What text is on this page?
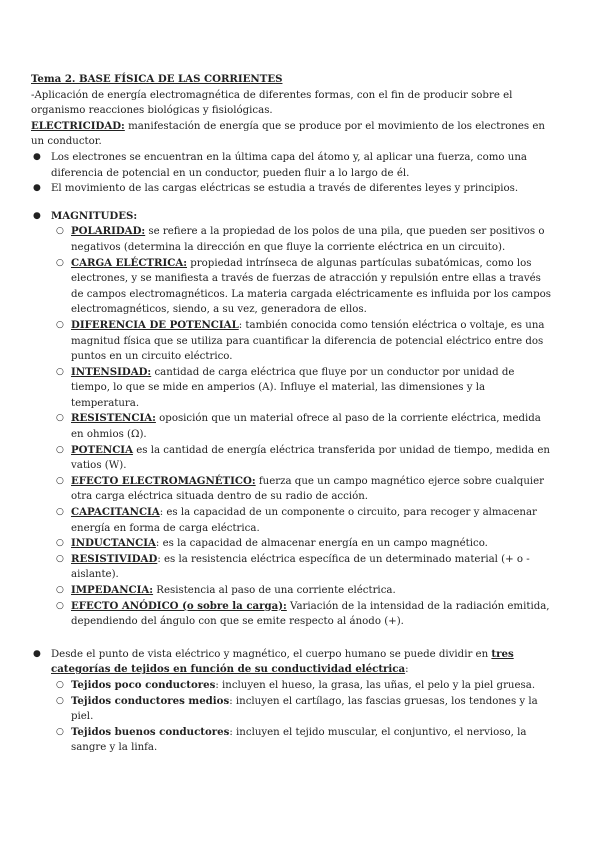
Tema 2. BASE FÍSICA DE LAS CORRIENTES

-Aplicación de energía electromagnética de diferentes formas, con el fin de producir sobre el organismo reacciones biológicas y fisiológicas.

ELECTRICIDAD: manifestación de energía que se produce por el movimiento de los electrones en un conductor.

● Los electrones se encuentran en la última capa del átomo y, al aplicar una fuerza, como una diferencia de potencial en un conductor, pueden fluir a lo largo de él.
● El movimiento de las cargas eléctricas se estudia a través de diferentes leyes y principios.
● MAGNITUDES:
○ POLARIDAD: se refiere a la propiedad de los polos de una pila, que pueden ser positivos o negativos (determina la dirección en que fluye la corriente eléctrica en un circuito).
○ CARGA ELÉCTRICA: propiedad intrínseca de algunas partículas subatómicas, como los electrones, y se manifiesta a través de fuerzas de atracción y repulsión entre ellas a través de campos electromagnéticos. La materia cargada eléctricamente es influida por los campos electromagnéticos, siendo, a su vez, generadora de ellos.
○ DIFERENCIA DE POTENCIAL: también conocida como tensión eléctrica o voltaje, es una magnitud física que se utiliza para cuantificar la diferencia de potencial eléctrico entre dos puntos en un circuito eléctrico.
○ INTENSIDAD: cantidad de carga eléctrica que fluye por un conductor por unidad de tiempo, lo que se mide en amperios (A). Influye el material, las dimensiones y la temperatura.
○ RESISTENCIA: oposición que un material ofrece al paso de la corriente eléctrica, medida en ohmios (Ω).
○ POTENCIA es la cantidad de energía eléctrica transferida por unidad de tiempo, medida en vatios (W).
○ EFECTO ELECTROMAGNÉTICO: fuerza que un campo magnético ejerce sobre cualquier otra carga eléctrica situada dentro de su radio de acción.
○ CAPACITANCIA: es la capacidad de un componente o circuito, para recoger y almacenar energía en forma de carga eléctrica.
○ INDUCTANCIA: es la capacidad de almacenar energía en un campo magnético.
○ RESISTIVIDAD: es la resistencia eléctrica específica de un determinado material (+ o - aislante).
○ IMPEDANCIA: Resistencia al paso de una corriente eléctrica.
○ EFECTO ANÓDICO (o sobre la carga): Variación de la intensidad de la radiación emitida, dependiendo del ángulo con que se emite respecto al ánodo (+).
● Desde el punto de vista eléctrico y magnético, el cuerpo humano se puede dividir en tres categorías de tejidos en función de su conductividad eléctrica:
○ Tejidos poco conductores: incluyen el hueso, la grasa, las uñas, el pelo y la piel gruesa.
○ Tejidos conductores medios: incluyen el cartílago, las fascias gruesas, los tendones y la piel.
○ Tejidos buenos conductores: incluyen el tejido muscular, el conjuntivo, el nervioso, la sangre y la linfa.
